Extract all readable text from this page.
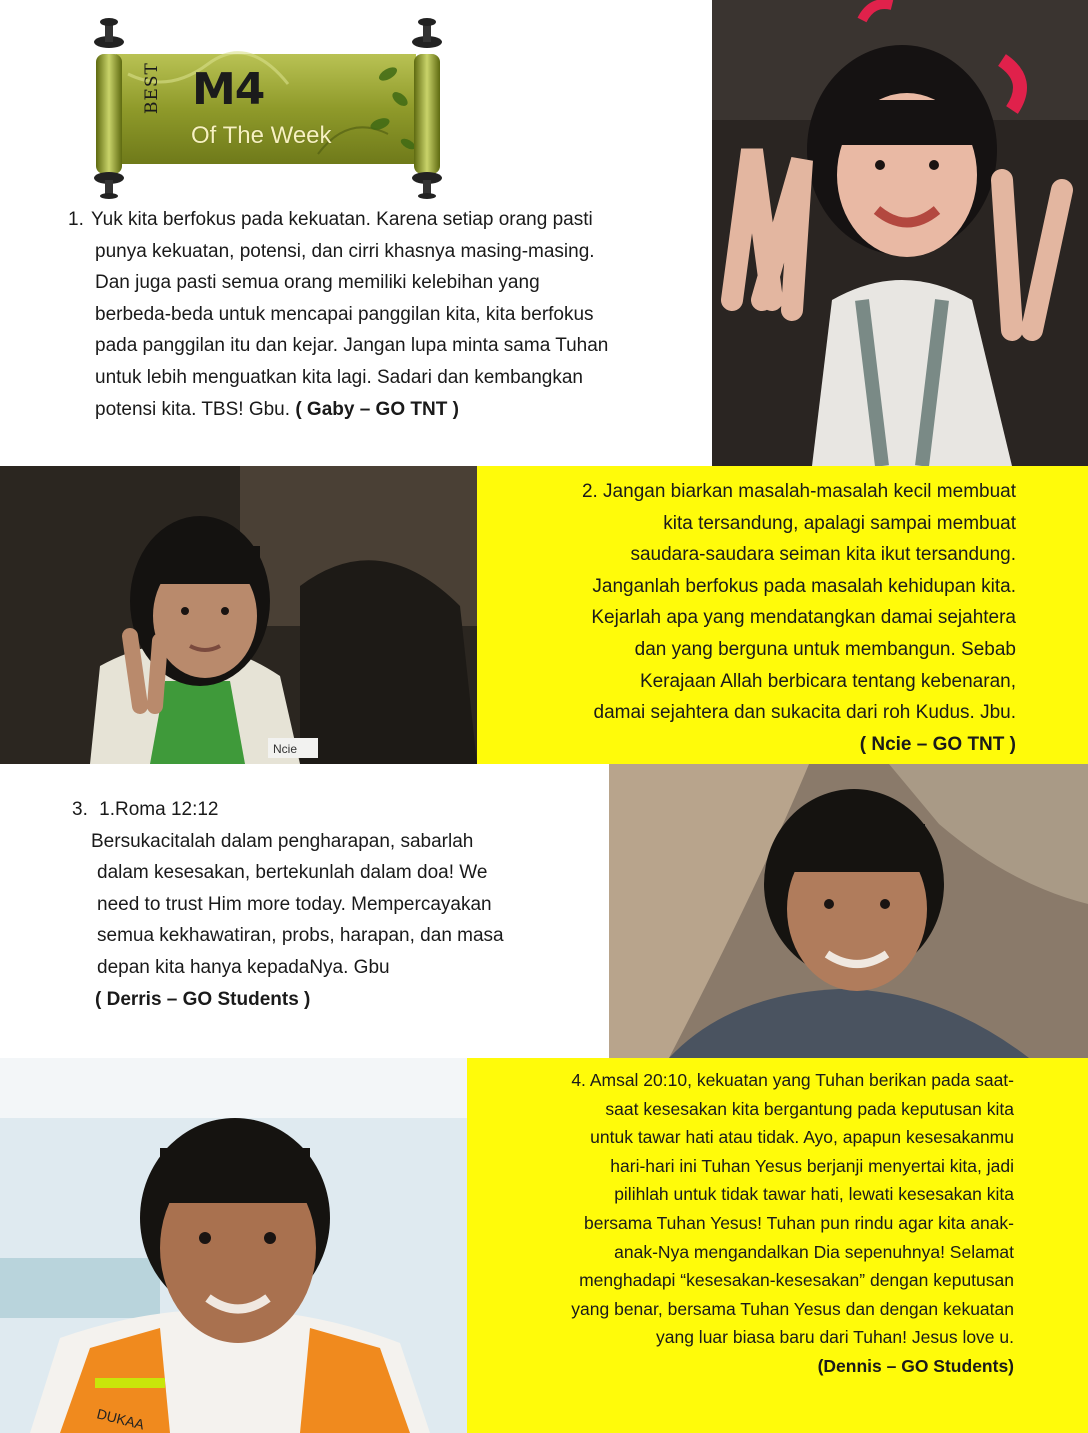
BEST M4
Of The Week
1. Yuk kita berfokus pada kekuatan. Karena setiap orang pasti
punya kekuatan, potensi, dan cirri khasnya masing-masing.
Dan juga pasti semua orang memiliki kelebihan yang
berbeda-beda untuk mencapai panggilan kita, kita berfokus
pada panggilan itu dan kejar. Jangan lupa minta sama Tuhan
untuk lebih menguatkan kita lagi. Sadari dan kembangkan
potensi kita. TBS! Gbu. ( Gaby – GO TNT )
Ncie
2. Jangan biarkan masalah-masalah kecil membuat
kita tersandung, apalagi sampai membuat
saudara-saudara seiman kita ikut tersandung.
Janganlah berfokus pada masalah kehidupan kita.
Kejarlah apa yang mendatangkan damai sejahtera
dan yang berguna untuk membangun. Sebab
Kerajaan Allah berbicara tentang kebenaran,
damai sejahtera dan sukacita dari roh Kudus. Jbu.
( Ncie – GO TNT )
3. 1.Roma 12:12
Bersukacitalah dalam pengharapan, sabarlah
dalam kesesakan, bertekunlah dalam doa! We
need to trust Him more today. Mempercayakan
semua kekhawatiran, probs, harapan, dan masa
depan kita hanya kepadaNya. Gbu
( Derris – GO Students )
DUKAA
4. Amsal 20:10, kekuatan yang Tuhan berikan pada saat-
saat kesesakan kita bergantung pada keputusan kita
untuk tawar hati atau tidak. Ayo, apapun kesesakanmu
hari-hari ini Tuhan Yesus berjanji menyertai kita, jadi
pilihlah untuk tidak tawar hati, lewati kesesakan kita
bersama Tuhan Yesus! Tuhan pun rindu agar kita anak-
anak-Nya mengandalkan Dia sepenuhnya! Selamat
menghadapi “kesesakan-kesesakan” dengan keputusan
yang benar, bersama Tuhan Yesus dan dengan kekuatan
yang luar biasa baru dari Tuhan! Jesus love u.
(Dennis – GO Students)
